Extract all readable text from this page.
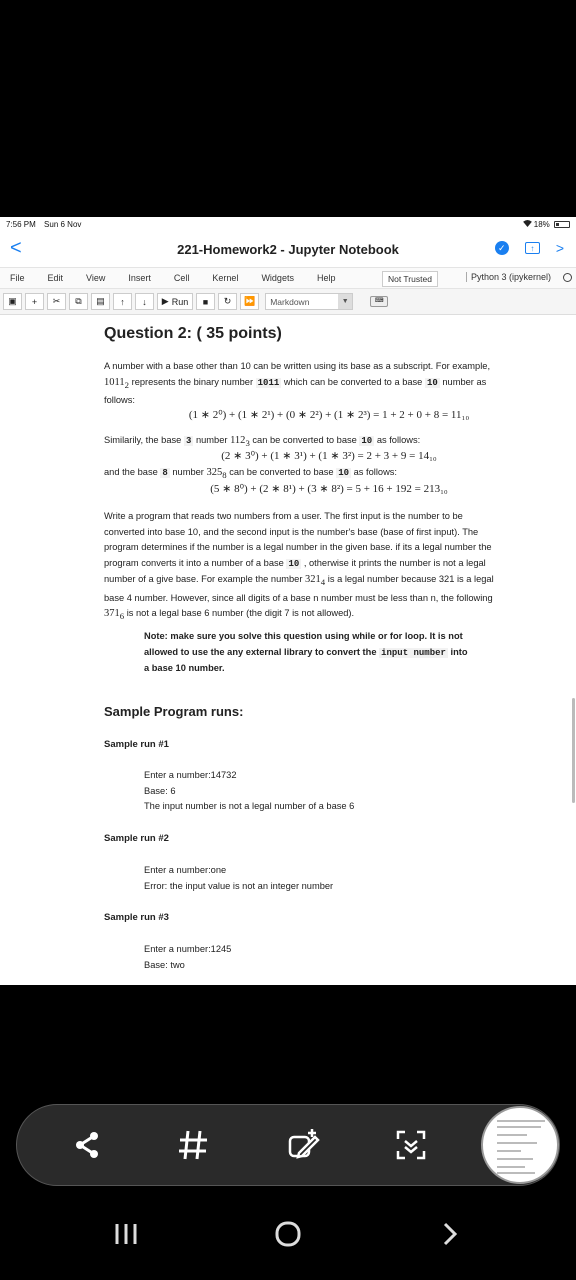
7:56 PM Sun 6 Nov	18%
<	221-Homework2 - Jupyter Notebook	✓	↑	>
File	Edit	View	Insert	Cell	Kernel	Widgets	Help	Not Trusted	Python 3 (ipykernel)
▣	+	✂	⧉	▤	↑	↓	▶ Run	■	↻	⏩	Markdown	▼	⌨
Question 2: ( 35 points)
A number with a base other than 10 can be written using its base as a subscript. For example,
$1011_2$ represents the binary number 1011 which can be converted to a base 10 number as
follows:
(1 ∗ 2⁰) + (1 ∗ 2¹) + (0 ∗ 2²) + (1 ∗ 2³) = 1 + 2 + 0 + 8 = 11₁₀
Similarily, the base 3 number $112_3$ can be converted to base 10 as follows:
(2 ∗ 3⁰) + (1 ∗ 3¹) + (1 ∗ 3²) = 2 + 3 + 9 = 14₁₀
and the base 8 number $325_8$ can be converted to base 10 as follows:
(5 ∗ 8⁰) + (2 ∗ 8¹) + (3 ∗ 8²) = 5 + 16 + 192 = 213₁₀
Write a program that reads two numbers from a user. The first input is the number to be
converted into base 10, and the second input is the number's base (base of first input). The
program determines if the number is a legal number in the given base. if its a legal number the
program converts it into a number of a base 10 , otherwise it prints the number is not a legal
number of a give base. For example the number $321_4$ is a legal number because 321 is a legal
base 4 number. However, since all digits of a base n number must be less than n, the following
$371_6$ is not a legal base 6 number (the digit 7 is not allowed).
Note: make sure you solve this question using while or for loop. It is not
allowed to use the any external library to convert the input number into
a base 10 number.
Sample Program runs:
Sample run #1
Enter a number:14732
Base: 6
The input number is not a legal number of a base 6
Sample run #2
Enter a number:one
Error: the input value is not an integer number
Sample run #3
Enter a number:1245
Base: two
